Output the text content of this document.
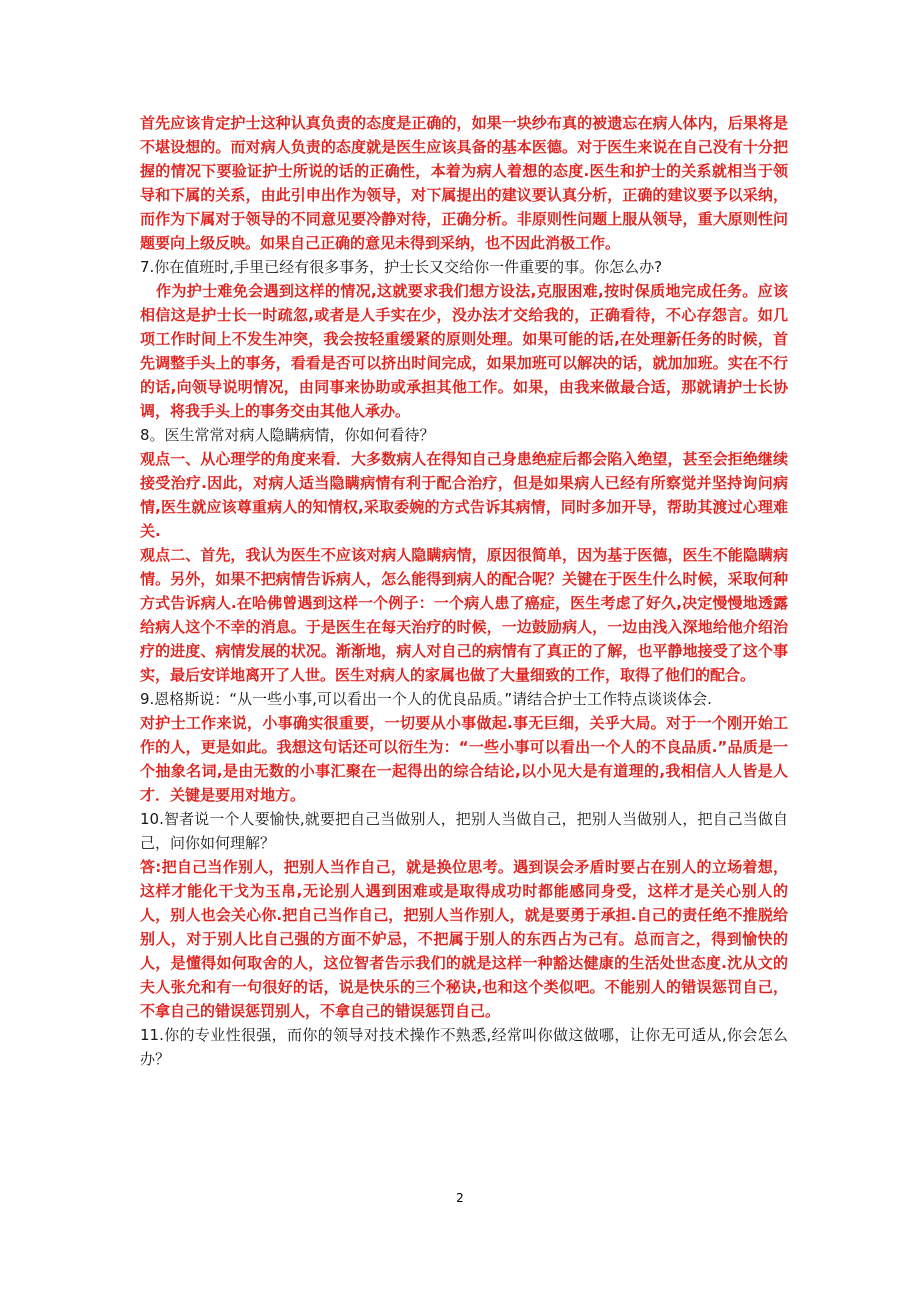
首先应该肯定护士这种认真负责的态度是正确的，如果一块纱布真的被遗忘在病人体内，后果将是不堪设想的。而对病人负责的态度就是医生应该具备的基本医德。对于医生来说在自己没有十分把握的情况下要验证护士所说的话的正确性，本着为病人着想的态度.医生和护士的关系就相当于领导和下属的关系，由此引申出作为领导，对下属提出的建议要认真分析，正确的建议要予以采纳，而作为下属对于领导的不同意见要冷静对待，正确分析。非原则性问题上服从领导，重大原则性问题要向上级反映。如果自己正确的意见未得到采纳，也不因此消极工作。

7.你在值班时,手里已经有很多事务，护士长又交给你一件重要的事。你怎么办?

作为护士难免会遇到这样的情况,这就要求我们想方设法,克服困难,按时保质地完成任务。应该相信这是护士长一时疏忽,或者是人手实在少，没办法才交给我的，正确看待，不心存怨言。如几项工作时间上不发生冲突，我会按轻重缓紧的原则处理。如果可能的话,在处理新任务的时候，首先调整手头上的事务，看看是否可以挤出时间完成，如果加班可以解决的话，就加加班。实在不行的话,向领导说明情况，由同事来协助或承担其他工作。如果，由我来做最合适，那就请护士长协调，将我手头上的事务交由其他人承办。

8。医生常常对病人隐瞒病情，你如何看待？

观点一、从心理学的角度来看．大多数病人在得知自己身患绝症后都会陷入绝望，甚至会拒绝继续接受治疗.因此，对病人适当隐瞒病情有利于配合治疗，但是如果病人已经有所察觉并坚持询问病情,医生就应该尊重病人的知情权,采取委婉的方式告诉其病情，同时多加开导，帮助其渡过心理难关.

观点二、首先，我认为医生不应该对病人隐瞒病情，原因很简单，因为基于医德，医生不能隐瞒病情。另外，如果不把病情告诉病人，怎么能得到病人的配合呢？关键在于医生什么时候，采取何种方式告诉病人.在哈佛曾遇到这样一个例子：一个病人患了癌症，医生考虑了好久,决定慢慢地透露给病人这个不幸的消息。于是医生在每天治疗的时候，一边鼓励病人，一边由浅入深地给他介绍治疗的进度、病情发展的状况。渐渐地，病人对自己的病情有了真正的了解，也平静地接受了这个事实，最后安详地离开了人世。医生对病人的家属也做了大量细致的工作，取得了他们的配合。

9.恩格斯说：“从一些小事,可以看出一个人的优良品质。”请结合护士工作特点谈谈体会.

对护士工作来说，小事确实很重要，一切要从小事做起.事无巨细，关乎大局。对于一个刚开始工作的人，更是如此。我想这句话还可以衍生为：“一些小事可以看出一个人的不良品质.”品质是一个抽象名词,是由无数的小事汇聚在一起得出的综合结论,以小见大是有道理的,我相信人人皆是人才．关键是要用对地方。

10.智者说一个人要愉快,就要把自己当做别人，把别人当做自己，把别人当做别人，把自己当做自己，问你如何理解？

答:把自己当作别人，把别人当作自己，就是换位思考。遇到误会矛盾时要占在别人的立场着想，这样才能化干戈为玉帛,无论别人遇到困难或是取得成功时都能感同身受，这样才是关心别人的人，别人也会关心你.把自己当作自己，把别人当作别人，就是要勇于承担.自己的责任绝不推脱给别人，对于别人比自己强的方面不妒忌，不把属于别人的东西占为己有。总而言之，得到愉快的人，是懂得如何取舍的人，这位智者告示我们的就是这样一种豁达健康的生活处世态度.沈从文的夫人张允和有一句很好的话，说是快乐的三个秘诀,也和这个类似吧。不能别人的错误惩罚自己，不拿自己的错误惩罚别人，不拿自己的错误惩罚自己。

11.你的专业性很强，而你的领导对技术操作不熟悉,经常叫你做这做哪，让你无可适从,你会怎么办？

2
